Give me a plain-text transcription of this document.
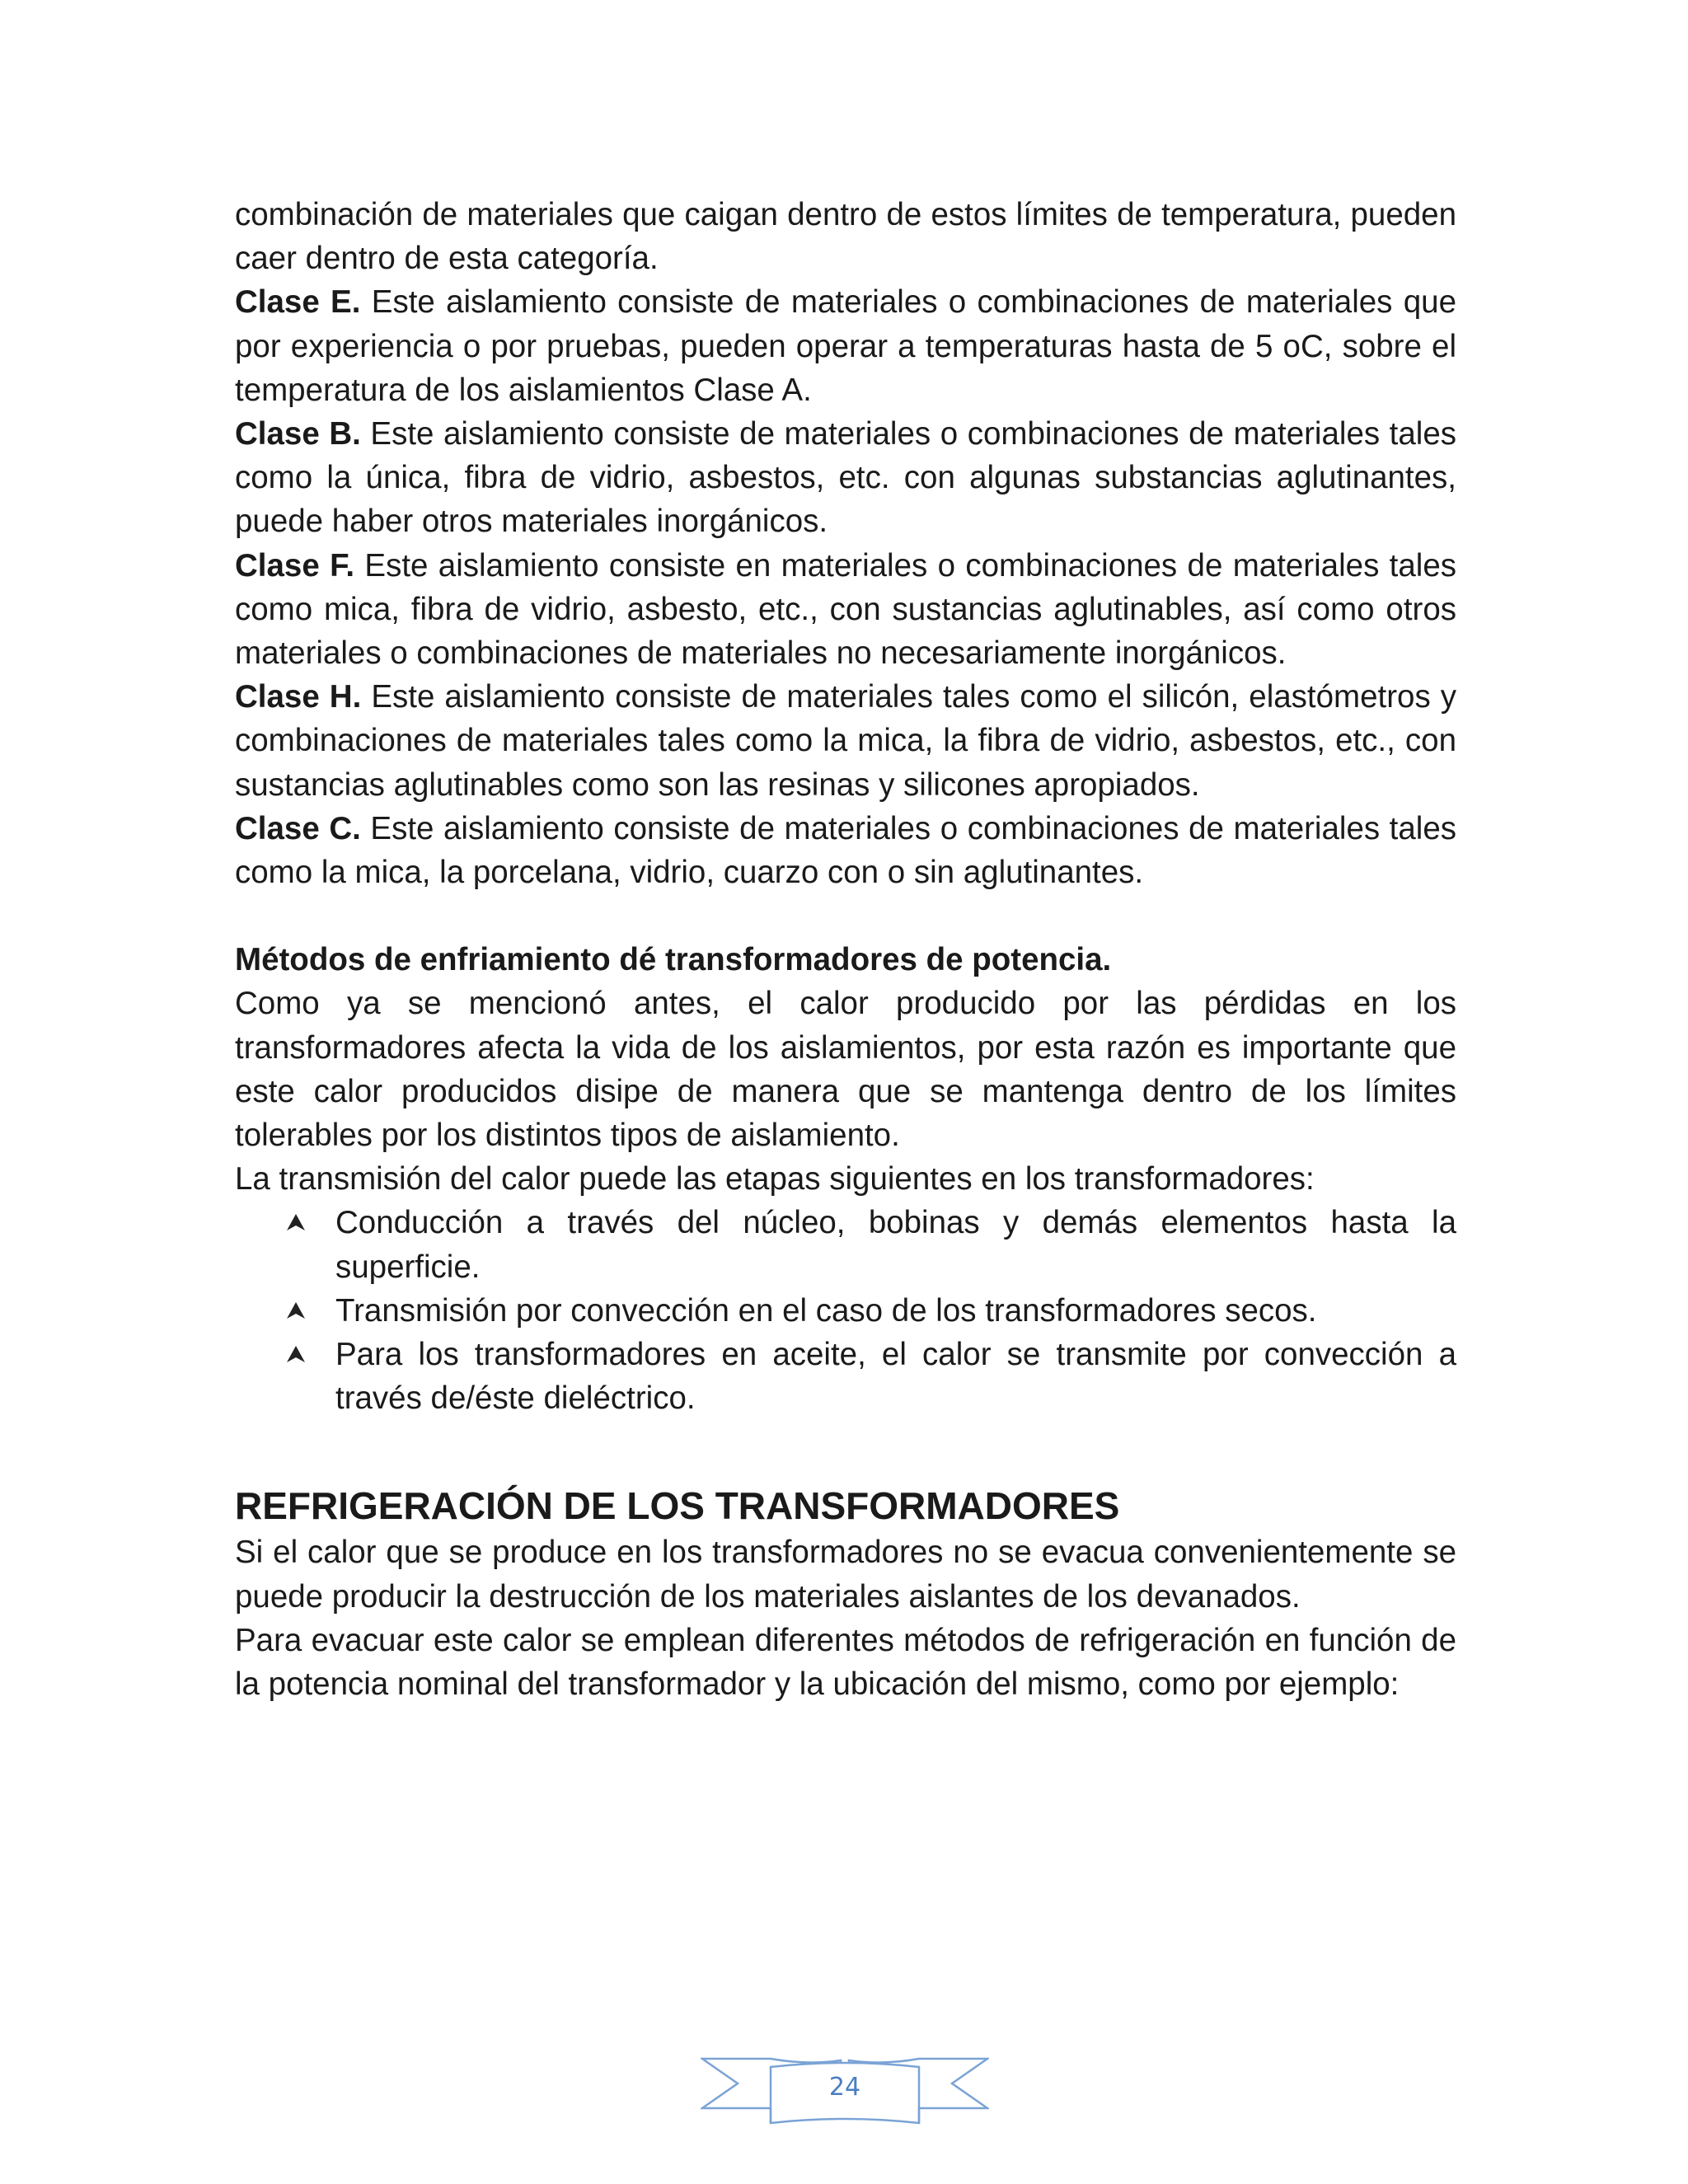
combinación de materiales que caigan dentro de estos límites de temperatura, pueden caer dentro de esta categoría.

Clase E. Este aislamiento consiste de materiales o combinaciones de materiales que por experiencia o por pruebas, pueden operar a temperaturas hasta de 5 oC, sobre el temperatura de los aislamientos Clase A.

Clase B. Este aislamiento consiste de materiales o combinaciones de materiales tales como la única, fibra de vidrio, asbestos, etc. con algunas substancias aglutinantes, puede haber otros materiales inorgánicos.

Clase F. Este aislamiento consiste en materiales o combinaciones de materiales tales como mica, fibra de vidrio, asbesto, etc., con sustancias aglutinables, así como otros materiales o combinaciones de materiales no necesariamente inorgánicos.

Clase H. Este aislamiento consiste de materiales tales como el silicón, elastómetros y combinaciones de materiales tales como la mica, la fibra de vidrio, asbestos, etc., con sustancias aglutinables como son las resinas y silicones apropiados.

Clase C. Este aislamiento consiste de materiales o combinaciones de materiales tales como la mica, la porcelana, vidrio, cuarzo con o sin aglutinantes.

Métodos de enfriamiento dé transformadores de potencia.

Como ya se mencionó antes, el calor producido por las pérdidas en los transformadores afecta la vida de los aislamientos, por esta razón es importante que este calor producidos disipe de manera que se mantenga dentro de los límites tolerables por los distintos tipos de aislamiento.

La transmisión del calor puede las etapas siguientes en los transformadores:

Conducción a través del núcleo, bobinas y demás elementos hasta la superficie.
Transmisión por convección en el caso de los transformadores secos.
Para los transformadores en aceite, el calor se transmite por convección a través de/éste dieléctrico.
REFRIGERACIÓN DE LOS TRANSFORMADORES

Si el calor que se produce en los transformadores no se evacua convenientemente se puede producir la destrucción de los materiales aislantes de los devanados.

Para evacuar este calor se emplean diferentes métodos de refrigeración en función de la potencia nominal del transformador y la ubicación del mismo, como por ejemplo:

24
